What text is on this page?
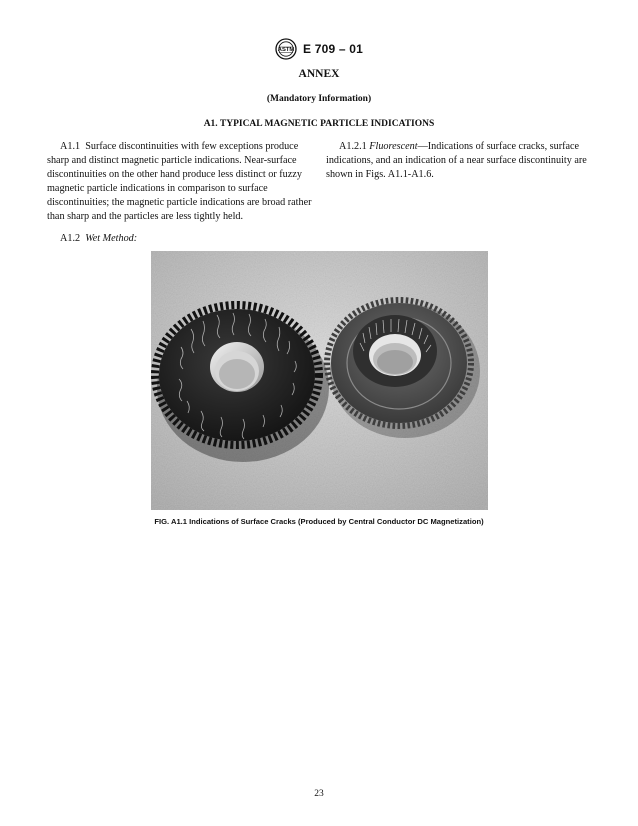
ASTM E 709 – 01
ANNEX
(Mandatory Information)
A1. TYPICAL MAGNETIC PARTICLE INDICATIONS

A1.1 Surface discontinuities with few exceptions produce sharp and distinct magnetic particle indications. Near-surface discontinuities on the other hand produce less distinct or fuzzy magnetic particle indications in comparison to surface discontinuities; the magnetic particle indications are broad rather than sharp and the particles are less tightly held.

A1.2 Wet Method:

A1.2.1 Fluorescent—Indications of surface cracks, surface indications, and an indication of a near surface discontinuity are shown in Figs. A1.1-A1.6.

FIG. A1.1 Indications of Surface Cracks (Produced by Central Conductor DC Magnetization)
23
